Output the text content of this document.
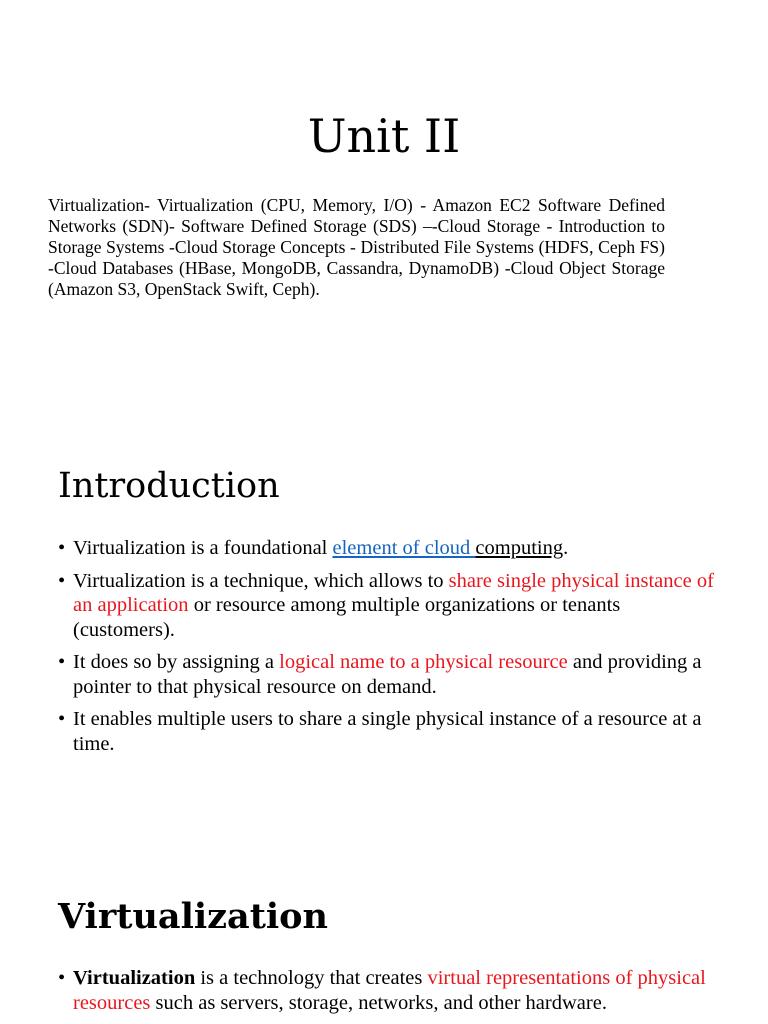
Unit II

Virtualization- Virtualization (CPU, Memory, I/O) - Amazon EC2 Software Defined Networks (SDN)- Software Defined Storage (SDS) –-Cloud Storage - Introduction to Storage Systems -Cloud Storage Concepts - Distributed File Systems (HDFS, Ceph FS) -Cloud Databases (HBase, MongoDB, Cassandra, DynamoDB) -Cloud Object Storage (Amazon S3, OpenStack Swift, Ceph).

Introduction
• Virtualization is a foundational element of cloud computing.
• Virtualization is a technique, which allows to share single physical instance of an application or resource among multiple organizations or tenants (customers).
• It does so by assigning a logical name to a physical resource and providing a pointer to that physical resource on demand.
• It enables multiple users to share a single physical instance of a resource at a time.
Virtualization
• Virtualization is a technology that creates virtual representations of physical resources such as servers, storage, networks, and other hardware.
